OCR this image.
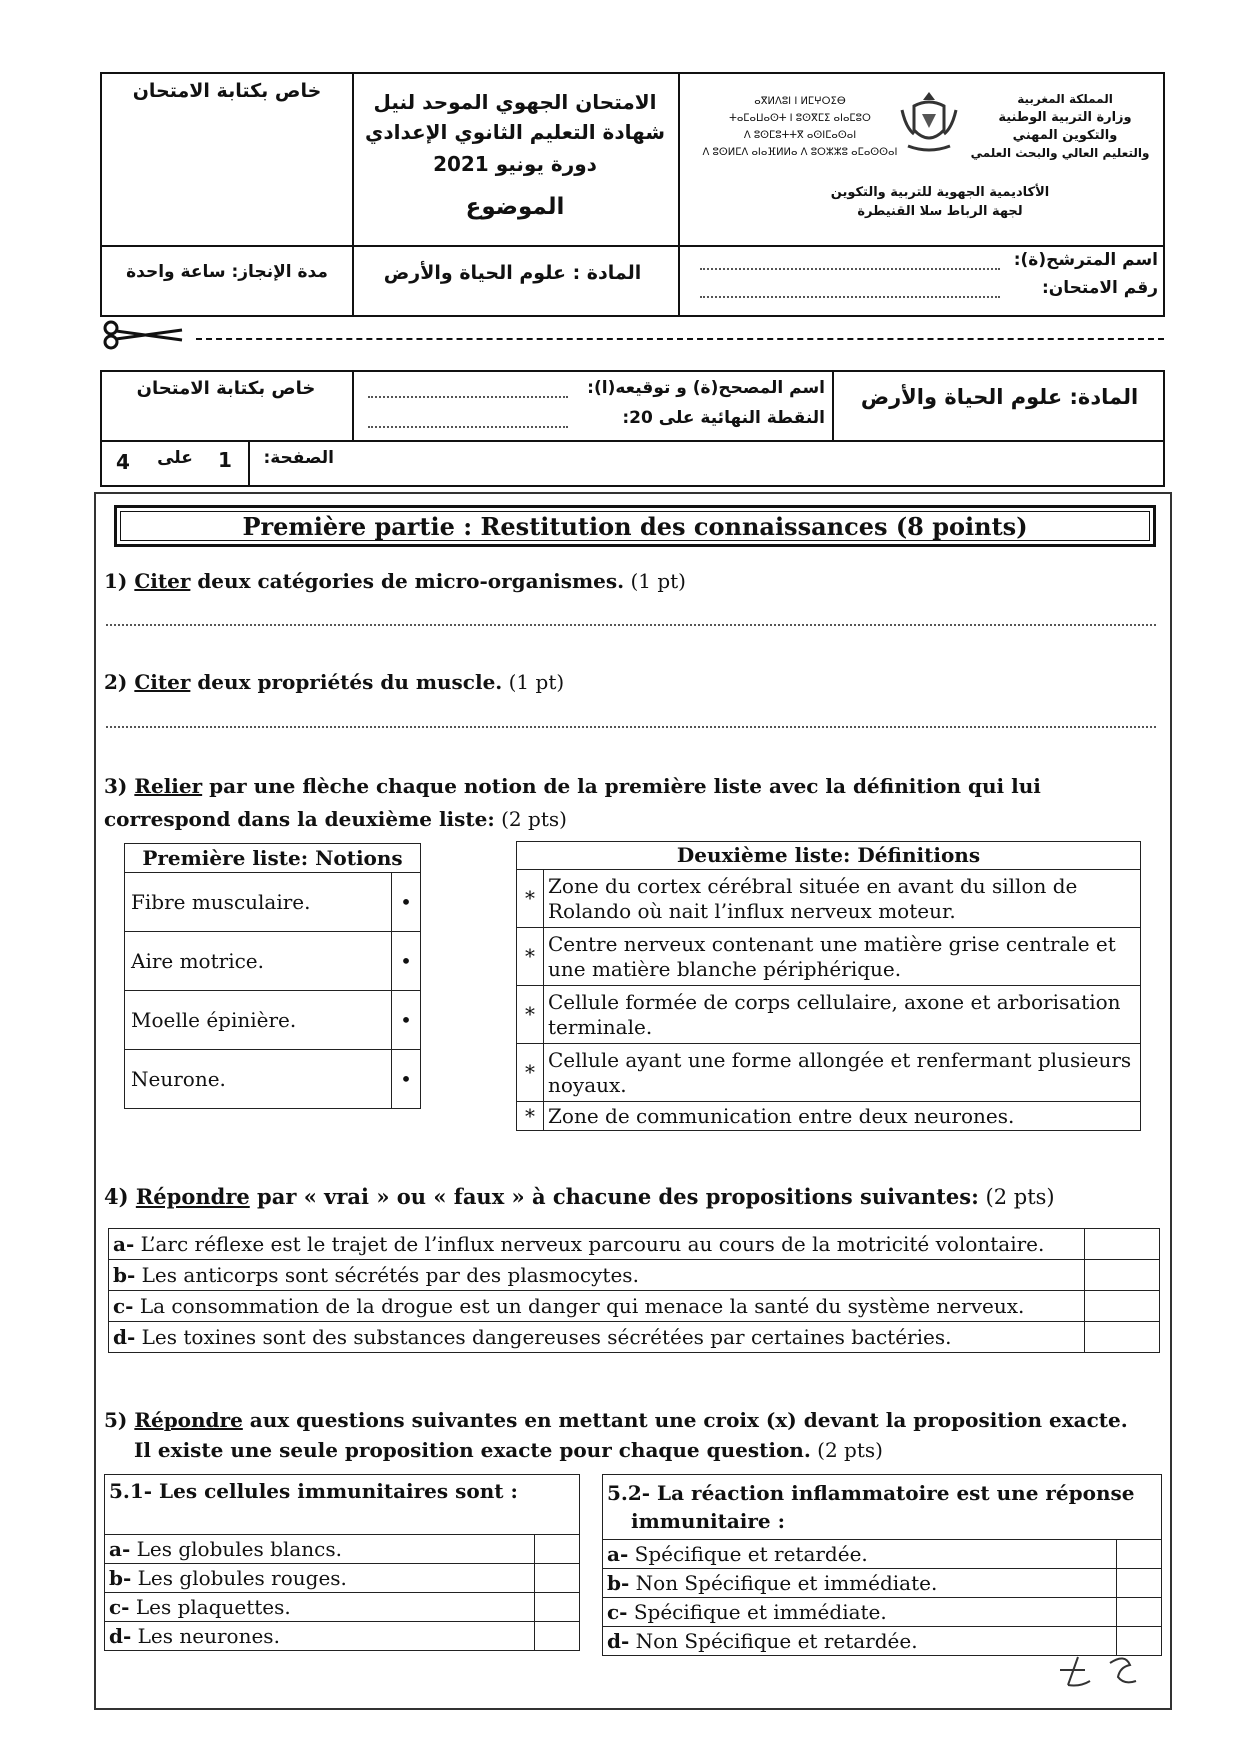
خاص بكتابة الامتحان	الامتحان الجهوي الموحد لنيل
شهادة التعليم الثانوي الإعدادي
دورة يونيو 2021
الموضوع
ⴰⴳⵍⴷⵓⵏ ⵏ ⵍⵎⵖⵔⵉⴱ
ⵜⴰⵎⴰⵡⴰⵙⵜ ⵏ ⵓⵙⴳⵎⵉ ⴰⵏⴰⵎⵓⵔ
ⴷ ⵓⵙⵎⵓⵜⵜⴳ ⴰⵙⵏⵎⴰⵙⴰⵏ
ⴷ ⵓⵙⵍⵎⴷ ⴰⵏⴰⴼⵍⵍⴰ ⴷ ⵓⵔⵣⵣⵓ ⴰⵎⴰⵙⵙⴰⵏ
المملكة المغربية
وزارة التربية الوطنية
والتكوين المهني
والتعليم العالي والبحث العلمي
الأكاديمية الجهوية للتربية والتكوين
لجهة الرباط سلا القنيطرة
مدة الإنجاز: ساعة واحدة	المادة : علوم الحياة والأرض
اسم المترشح(ة):
رقم الامتحان:
خاص بكتابة الامتحان	اسم المصحح(ة) و توقيعه(ا):
النقطة النهائية على 20:
المادة: علوم الحياة والأرض
الصفحة:
1
على
4
Première partie : Restitution des connaissances (8 points)
1) Citer deux catégories de micro-organismes. (1 pt)
2) Citer deux propriétés du muscle. (1 pt)
3) Relier par une flèche chaque notion de la première liste avec la définition qui lui correspond dans la deuxième liste: (2 pts)
Première liste: Notions	
Fibre musculaire.	•
Aire motrice.	•
Moelle épinière.	•
Neurone.	•
Deuxième liste: Définitions	
*	Zone du cortex cérébral située en avant du sillon de Rolando où nait l’influx nerveux moteur.
*	Centre nerveux contenant une matière grise centrale et une matière blanche périphérique.
*	Cellule formée de corps cellulaire, axone et arborisation terminale.
*	Cellule ayant une forme allongée et renfermant plusieurs noyaux.
*	Zone de communication entre deux neurones.
4) Répondre par « vrai » ou « faux » à chacune des propositions suivantes: (2 pts)
a- L’arc réflexe est le trajet de l’influx nerveux parcouru au cours de la motricité volontaire.	
b- Les anticorps sont sécrétés par des plasmocytes.	
c- La consommation de la drogue est un danger qui menace la santé du système nerveux.	
d- Les toxines sont des substances dangereuses sécrétées par certaines bactéries.	
5) Répondre aux questions suivantes en mettant une croix (x) devant la proposition exacte.
Il existe une seule proposition exacte pour chaque question. (2 pts)
5.1- Les cellules immunitaires sont :	
a- Les globules blancs.	
b- Les globules rouges.	
c- Les plaquettes.	
d- Les neurones.	
5.2- La réaction inflammatoire est une réponse
immunitaire :	

a- Spécifique et retardée.	
b- Non Spécifique et immédiate.	
c- Spécifique et immédiate.	
d- Non Spécifique et retardée.	
